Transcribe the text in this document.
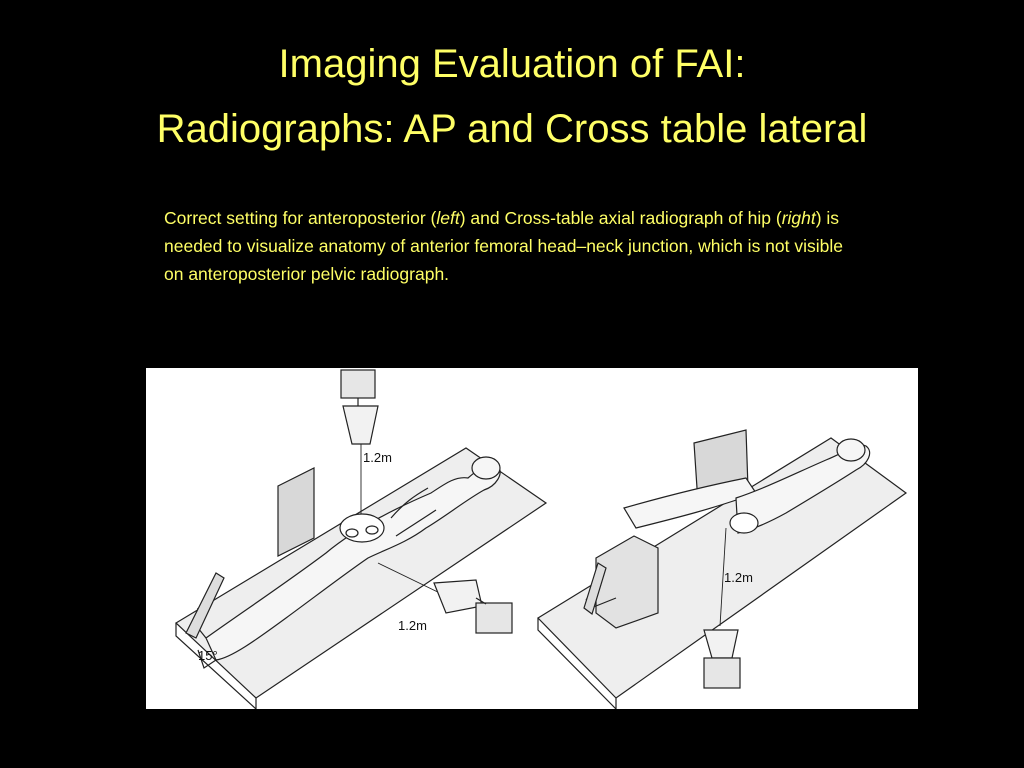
Imaging Evaluation of FAI:
Radiographs: AP and Cross table lateral

Correct setting for anteroposterior (left) and Cross-table axial radiograph of hip (right) is needed to visualize anatomy of anterior femoral head–neck junction, which is not visible on anteroposterior pelvic radiograph.

1.2m
1.2m
15°
1.2m
